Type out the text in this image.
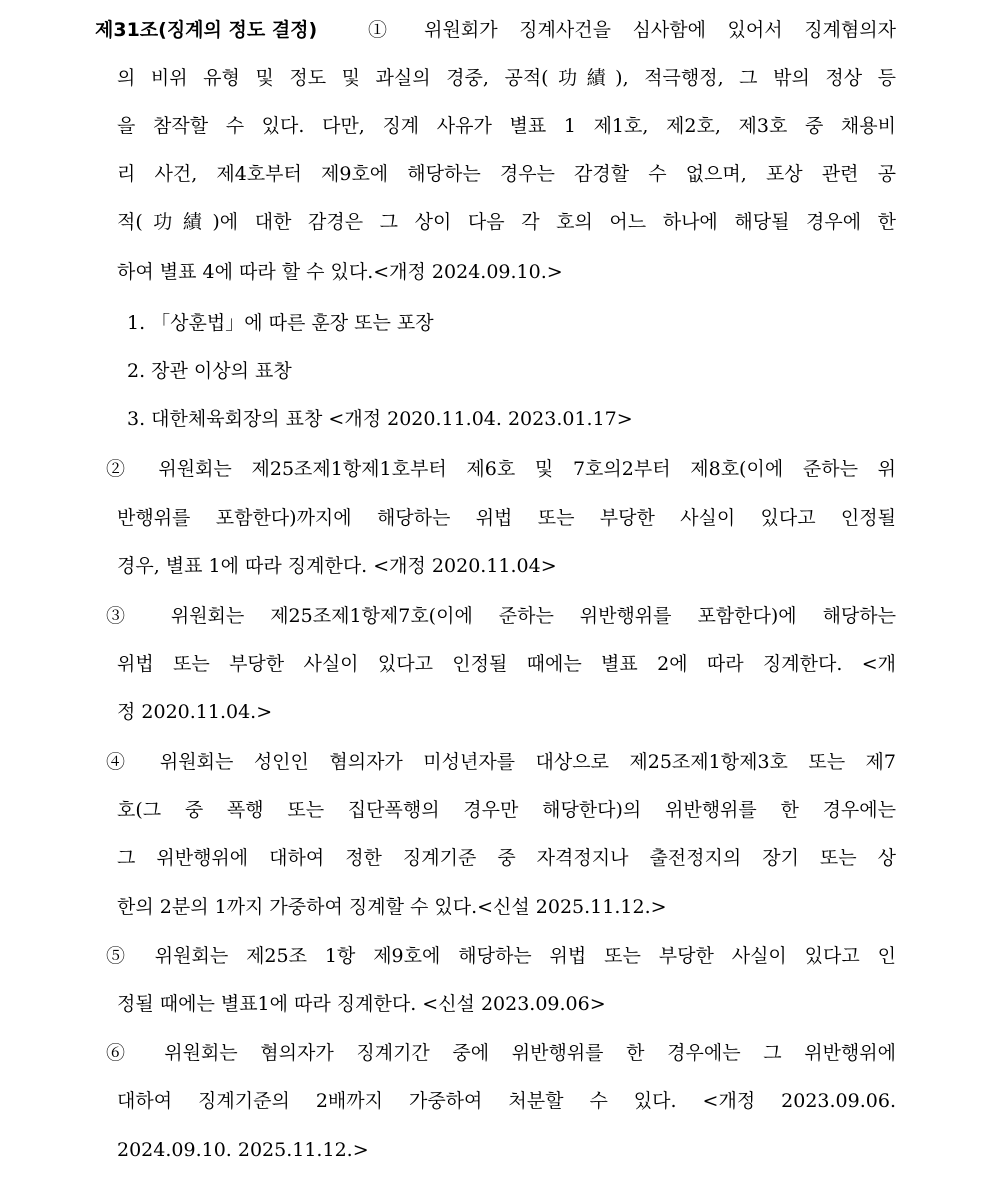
제31조(징계의 정도 결정)	① 위원회가 징계사건을 심사함에 있어서 징계혐의자
의 비위 유형 및 정도 및 과실의 경중, 공적(功績), 적극행정, 그 밖의 정상 등
을 참작할 수 있다. 다만, 징계 사유가 별표 1 제1호, 제2호, 제3호 중 채용비
리 사건, 제4호부터 제9호에 해당하는 경우는 감경할 수 없으며, 포상 관련 공
적(功績)에 대한 감경은 그 상이 다음 각 호의 어느 하나에 해당될 경우에 한
하여 별표 4에 따라 할 수 있다.<개정 2024.09.10.>
1. 「상훈법」에 따른 훈장 또는 포장
2. 장관 이상의 표창
3. 대한체육회장의 표창 <개정 2020.11.04. 2023.01.17>
② 위원회는 제25조제1항제1호부터 제6호 및 7호의2부터 제8호(이에 준하는 위
반행위를 포함한다)까지에 해당하는 위법 또는 부당한 사실이 있다고 인정될
경우, 별표 1에 따라 징계한다. <개정 2020.11.04>
③ 위원회는 제25조제1항제7호(이에 준하는 위반행위를 포함한다)에 해당하는
위법 또는 부당한 사실이 있다고 인정될 때에는 별표 2에 따라 징계한다. <개
정 2020.11.04.>
④ 위원회는 성인인 혐의자가 미성년자를 대상으로 제25조제1항제3호 또는 제7
호(그 중 폭행 또는 집단폭행의 경우만 해당한다)의 위반행위를 한 경우에는
그 위반행위에 대하여 정한 징계기준 중 자격정지나 출전정지의 장기 또는 상
한의 2분의 1까지 가중하여 징계할 수 있다.<신설 2025.11.12.>
⑤ 위원회는 제25조 1항 제9호에 해당하는 위법 또는 부당한 사실이 있다고 인
정될 때에는 별표1에 따라 징계한다. <신설 2023.09.06>
⑥ 위원회는 혐의자가 징계기간 중에 위반행위를 한 경우에는 그 위반행위에
대하여 징계기준의 2배까지 가중하여 처분할 수 있다. <개정 2023.09.06.
2024.09.10. 2025.11.12.>
